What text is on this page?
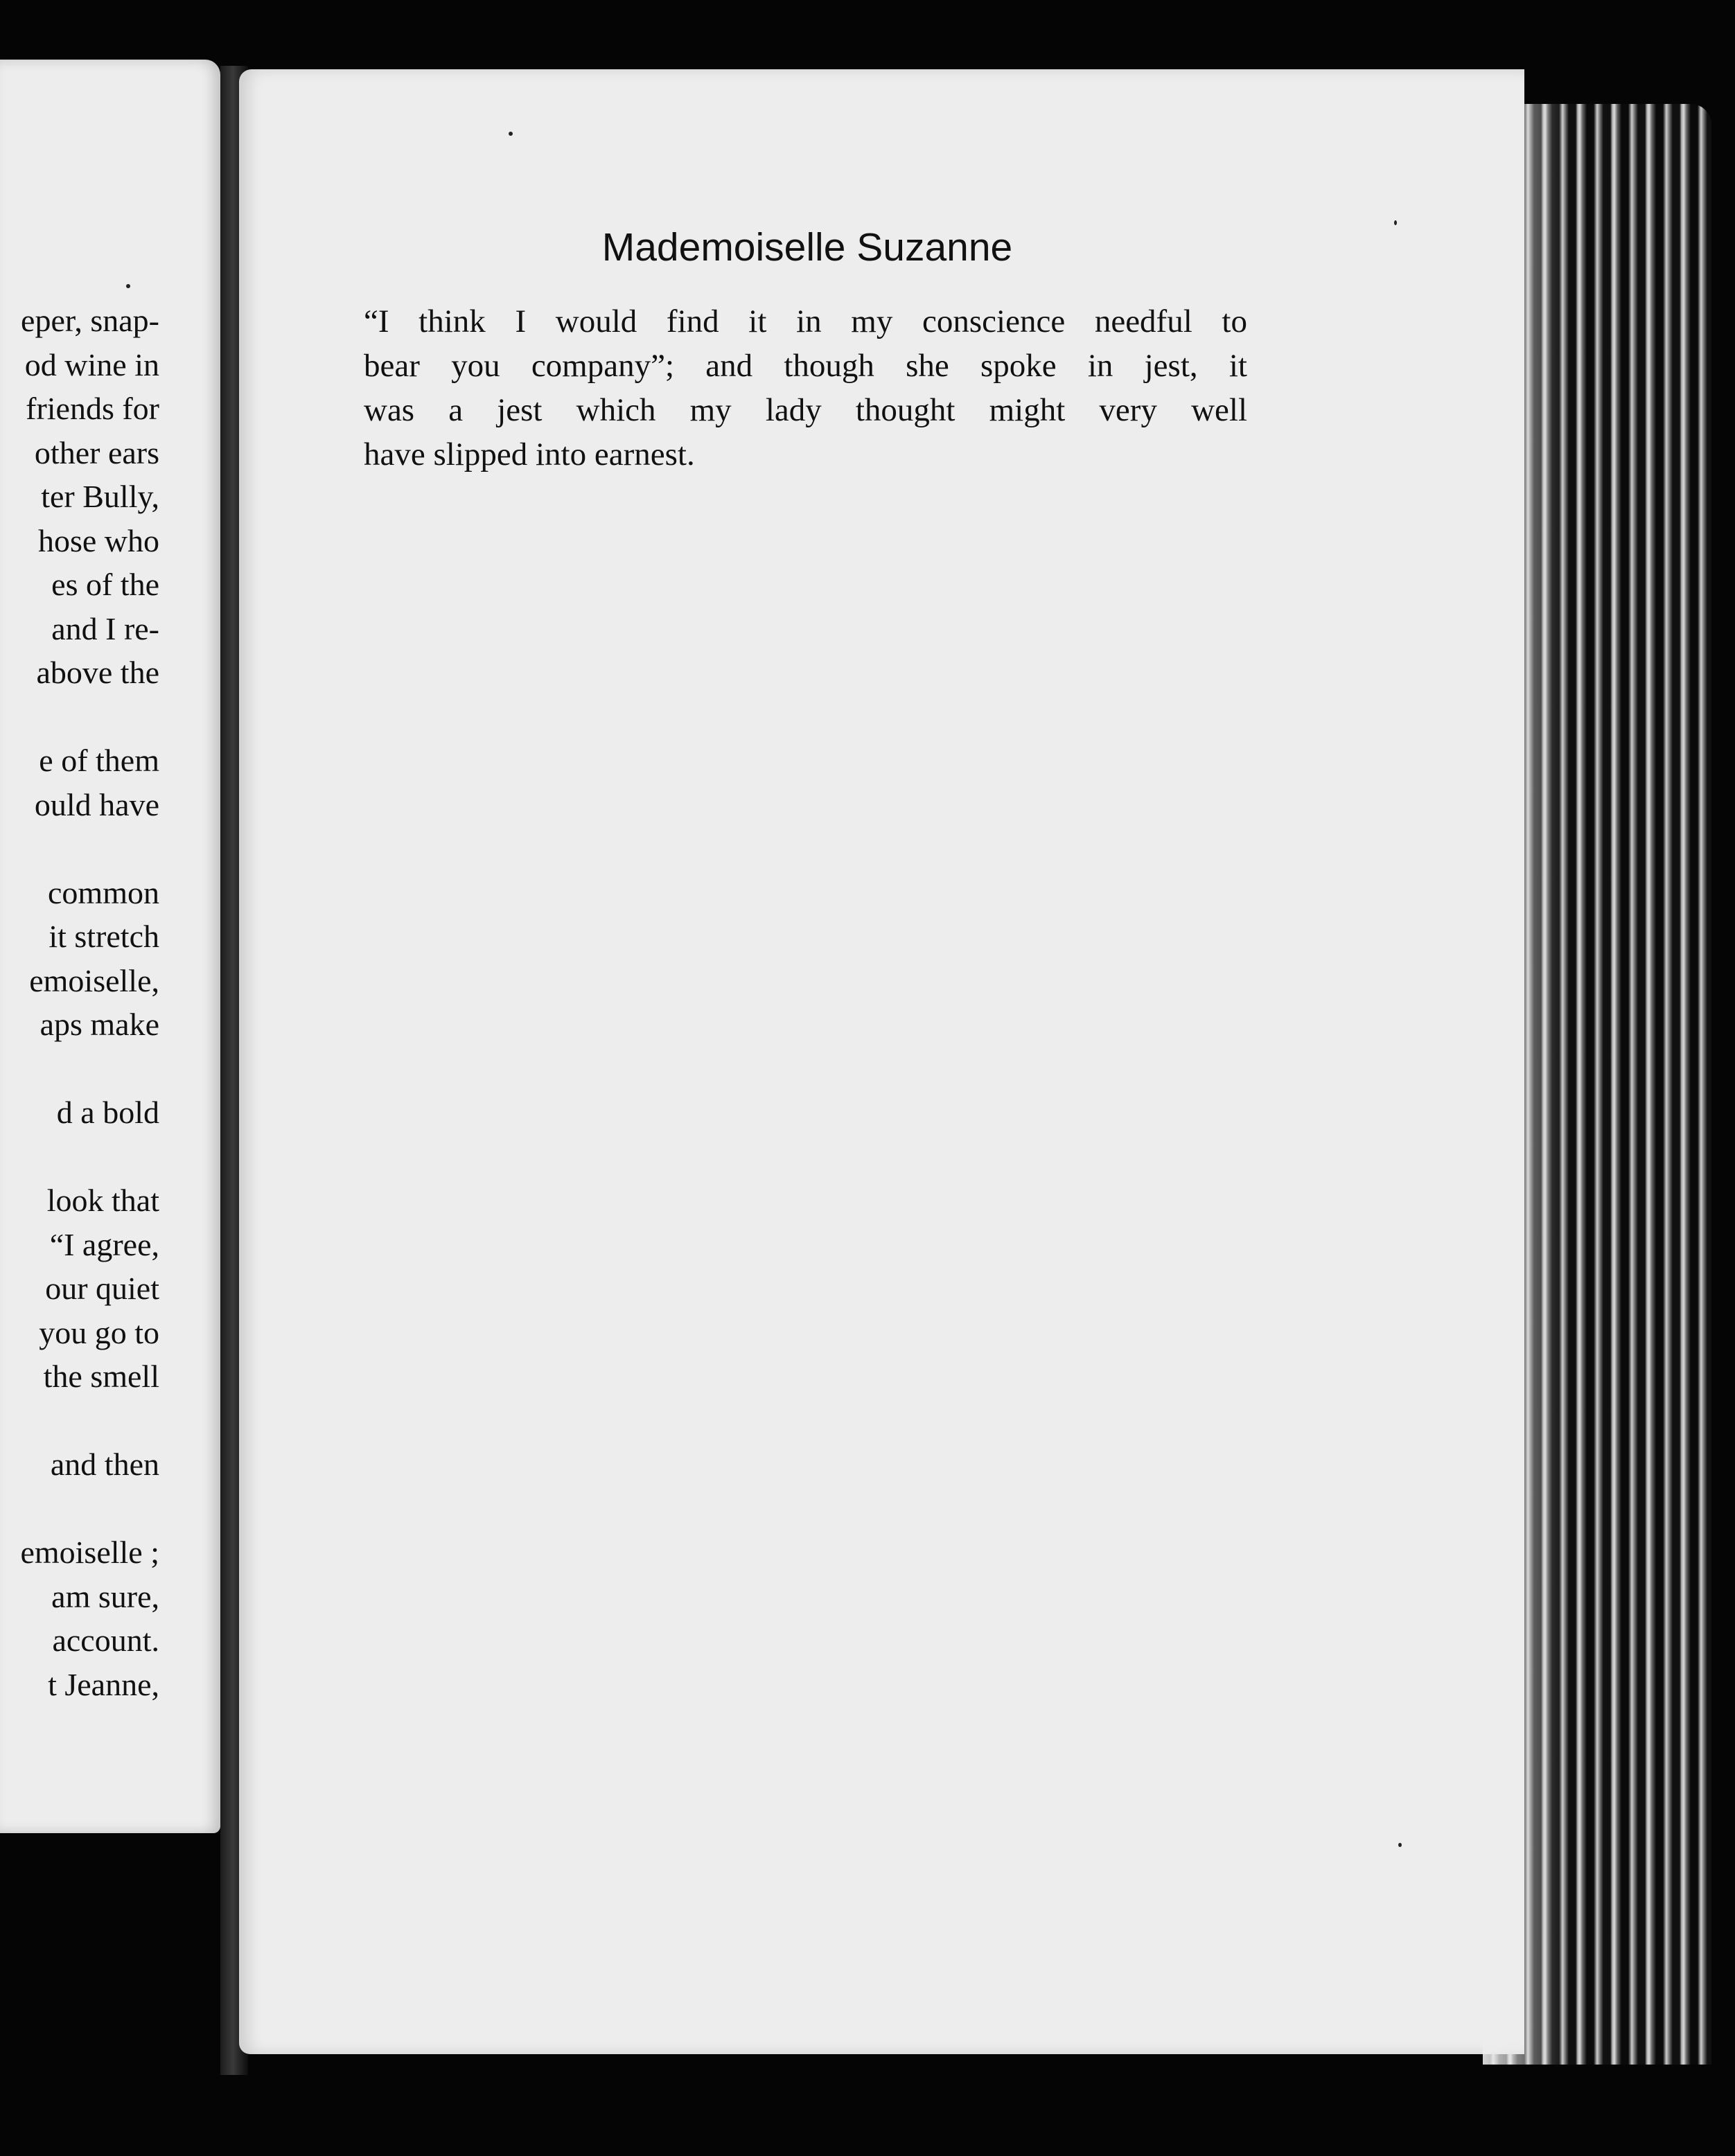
eper, snap-
od wine in
friends for
other ears
ter Bully,
hose who
es of the
and I re-
above the
e of them
ould have
common
it stretch
emoiselle,
aps make
d a bold
look that
“I agree,
our quiet
you go to
the smell
and then
emoiselle ;
am sure,
account.
t Jeanne,
Mademoiselle Suzanne
“I think I would find it in my conscience needful to
bear you company”; and though she spoke in jest, it
was a jest which my lady thought might very well
have slipped into earnest.
